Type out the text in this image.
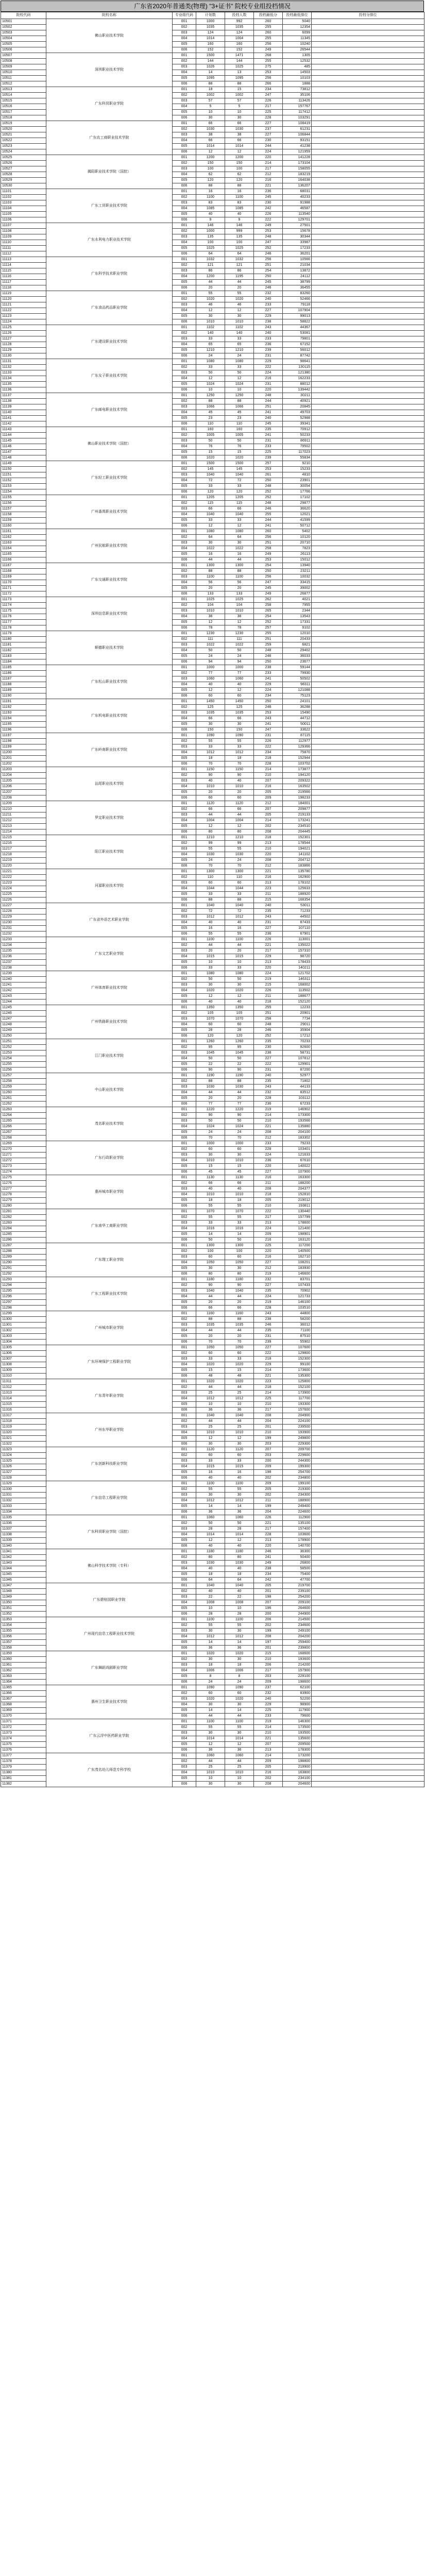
广东省2020年普通类(物理) "3+证书" 院校专业组投档情况
院校代码	院校名称	专业组代码	计划数	投档人数	投档最低分	投档最低排位	投档分排位
10501	佛山职业技术学院	001	1000	992	260	5040	
10502		002	1035	1035	255	12354	
10503		003	124	124	260	6099	
10504		004	1014	1004	255	11345	
10505		005	160	160	256	10240	
10506		006	152	152	249	26544	
10507	深圳职业技术学院	001	1500	1471	268	1305	
10508		002	144	144	255	12532	
10509		003	1026	1025	275	485	
10510		004	14	13	253	14503	
10511		005	1095	1095	256	10103	
10512		006	88	88	266	1888	
10513	广东科贸职业学院	001	18	15	234	73812	
10514		002	1002	1002	247	35106	
10515		003	57	57	226	113426	
10516		004	5	5	217	157767	
10517		005	10	10	225	117412	
10518		006	30	30	228	103291	
10519	广东农工商职业技术学院	001	66	66	227	108419	
10520		002	1030	1030	237	61231	
10521		003	38	38	227	106844	
10522		004	66	66	230	93151	
10523		005	1014	1014	244	41238	
10524		006	12	12	224	121959	
10525	揭阳职业技术学院（国控）	001	1200	1200	220	141228	
10526		002	150	150	214	173104	
10527		003	100	100	217	158055	
10528		004	62	62	212	183219	
10529		005	120	120	216	164038	
10530		006	88	88	221	136207	
11101	广东工贸职业技术学院	001	16	16	236	68031	
11102		002	1100	1100	245	40233	
11103		003	83	83	230	91988	
11104		004	1085	1085	242	46587	
11105		005	40	40	226	113540	
11106		006	9	9	222	129701	
11107	广东水利电力职业技术学院	001	146	146	249	27501	
11108		002	1000	999	253	15678	
11109		003	135	135	248	30344	
11110		004	100	100	247	33987	
11111		005	1025	1025	252	17233	
11112		006	64	64	246	36201	
11113	广东科学技术职业学院	001	1032	1032	256	10566	
11114		002	121	121	251	21034	
11115		003	86	86	254	13872	
11116		004	1200	1195	250	24112	
11117		005	44	44	245	38799	
11118		006	20	20	246	36455	
11119	广东食品药品职业学院	001	55	55	232	83260	
11120		002	1020	1020	240	52466	
11121		003	46	46	233	79118	
11122		004	12	12	227	107904	
11123		005	30	30	229	99013	
11124		006	1010	1010	238	58822	
11125	广东建设职业技术学院	001	1102	1102	243	44367	
11126		002	140	140	240	53081	
11127		003	33	33	233	79801	
11128		004	65	65	236	67152	
11129		005	1210	1210	239	56012	
11130		006	24	24	231	87742	
11131	广东女子职业技术学院	001	1080	1080	229	98641	
11132		002	33	33	222	130115	
11133		003	50	50	224	121380	
11134		004	12	12	216	162233	
11135		005	1024	1024	231	88012	
11136		006	10	10	220	139442	
11137	广东邮电职业技术学院	001	1250	1250	248	30211	
11138		002	88	88	244	40921	
11139		003	1066	1066	251	20845	
11140		004	45	45	241	49703	
11141		005	23	23	240	52988	
11142		006	110	110	245	39341	
11143	佛山职业技术学院（国控）	001	160	160	235	70912	
11144		002	1005	1005	241	50233	
11145		003	50	50	231	86911	
11146		004	76	76	233	79502	
11147		005	15	15	225	117023	
11148		006	1020	1020	239	55834	
11149	广东轻工职业技术学院	001	1500	1500	257	9210	
11150		002	145	145	253	15233	
11151		003	1040	1040	261	4810	
11152		004	72	72	250	23901	
11153		005	33	33	248	30054	
11154		006	120	120	252	17766	
11155	广州番禺职业技术学院	001	1205	1205	252	17102	
11156		002	115	115	248	29877	
11157		003	66	66	246	36620	
11158		004	1040	1040	255	12021	
11159		005	33	33	244	41599	
11160		006	12	12	241	50712	
11161	广州民航职业技术学院	001	1080	1080	260	5402	
11162		002	64	64	256	10120	
11163		003	30	30	251	20710	
11164		004	1022	1022	258	7823	
11165		005	16	16	249	26113	
11166		006	44	44	253	15012	
11167	广东交通职业技术学院	001	1300	1300	254	13940	
11168		002	88	88	250	23211	
11169		003	1100	1100	256	10032	
11170		004	56	56	247	33415	
11171		005	20	20	245	39002	
11172		006	133	133	249	26877	
11173	深圳信息职业技术学院	001	1025	1025	262	4021	
11174		002	104	104	258	7955	
11175		003	1010	1010	265	2344	
11176		004	36	36	254	13543	
11177		005	12	12	252	17331	
11178		006	78	78	257	9102	
11179	顺德职业技术学院	001	1230	1230	255	12010	
11180		002	111	111	251	20433	
11181		003	1022	1022	259	6821	
11182		004	50	50	248	29402	
11183		005	24	24	246	36033	
11184		006	94	94	250	23677	
11185	广东松山职业技术学院	001	1000	1000	238	59144	
11186		002	77	77	233	79930	
11187		003	1060	1060	241	50502	
11188		004	40	40	229	98311	
11189		005	12	12	224	121088	
11190		006	60	60	234	75123	
11191	广东机电职业技术学院	001	1450	1450	250	24101	
11192		002	125	125	246	36288	
11193		003	1035	1035	253	15490	
11194		004	66	66	243	44712	
11195		005	30	30	241	50011	
11196		006	150	150	247	33622	
11197	广东岭南职业技术学院	001	1090	1090	231	87115	
11198		002	55	55	226	112977	
11199		003	33	33	222	129366	
11200		004	1012	1012	234	75870	
11201		005	18	18	218	152944	
11202		006	70	70	228	103702	
11203	汕尾职业技术学院	001	1150	1150	214	173877	
11204		002	90	90	210	194120	
11205		003	40	40	207	209322	
11206		004	1010	1010	216	163502	
11207		005	20	20	205	219566	
11208		006	60	60	209	198233	
11209	罗定职业技术学院	001	1120	1120	212	184001	
11210		002	66	66	207	209877	
11211		003	44	44	205	219133	
11212		004	1004	1004	214	173241	
11213		005	12	12	202	234510	
11214		006	80	80	208	204445	
11215	阳江职业技术学院	001	1210	1210	218	152301	
11216		002	99	99	213	178544	
11217		003	55	55	210	194021	
11218		004	1030	1030	220	141102	
11219		005	24	24	208	204712	
11220		006	70	70	212	183866	
11221	河源职业技术学院	001	1300	1300	221	135780	
11222		002	110	110	216	162900	
11223		003	60	60	213	178102	
11224		004	1044	1044	223	125633	
11225		005	33	33	211	188920	
11226		006	88	88	215	168354	
11227	广东省外语艺术职业学院	001	1040	1040	240	53011	
11228		002	72	72	235	71233	
11229		003	1012	1012	243	44502	
11230		004	40	40	231	87433	
11231		005	16	16	227	107110	
11232		006	55	55	236	67901	
11233	广东文艺职业学院	001	1100	1100	226	113001	
11234		002	44	44	221	135022	
11235		003	20	20	217	157310	
11236		004	1015	1015	229	98720	
11237		005	10	10	213	178433	
11238		006	33	33	220	140211	
11239	广州体育职业技术学院	001	1080	1080	224	121702	
11240		002	50	50	219	146311	
11241		003	30	30	215	168002	
11242		004	1020	1020	226	113502	
11243		005	12	12	211	188677	
11244		006	40	40	218	152120	
11245	广州铁路职业技术学院	001	1350	1350	255	12233	
11246		002	105	105	251	20901	
11247		003	1070	1070	258	7734	
11248		004	60	60	248	29011	
11249		005	28	28	246	35904	
11250		006	120	120	252	17212	
11251	江门职业技术学院	001	1260	1260	235	70233	
11252		002	95	95	230	92600	
11253		003	1045	1045	238	58731	
11254		004	50	50	227	107812	
11255		005	22	22	222	129901	
11256		006	90	90	231	87200	
11257	中山职业技术学院	001	1190	1190	240	52977	
11258		002	88	88	235	71802	
11259		003	1030	1030	243	44133	
11260		004	44	44	232	83512	
11261		005	20	20	228	103112	
11262		006	77	77	236	67233	
11263	茂名职业技术学院	001	1220	1220	219	146902	
11264		002	90	90	214	173300	
11265		003	50	50	210	193566	
11266		004	1024	1024	221	135880	
11267		005	24	24	208	204100	
11268		006	70	70	212	183302	
11269	广东行政职业学院	001	1000	1000	233	79233	
11270		002	60	60	228	103401	
11271		003	30	30	224	121633	
11272		004	1010	1010	236	67610	
11273		005	15	15	220	140022	
11274		006	45	45	227	107900	
11275	惠州城市职业学院	001	1130	1130	216	163300	
11276		002	66	66	211	188200	
11277		003	40	40	208	204377	
11278		004	1010	1010	218	152810	
11279		005	18	18	205	219012	
11280		006	55	55	210	193811	
11281	广东南华工商职业学院	001	1070	1070	222	130440	
11282		002	55	55	217	157799	
11283		003	33	33	213	178600	
11284		004	1016	1016	224	121400	
11285		005	14	14	209	198901	
11286		006	50	50	216	163120	
11287	广东理工职业学院	001	1300	1300	225	117200	
11288		002	100	100	220	140500	
11289		003	60	60	216	162710	
11290		004	1050	1050	227	108201	
11291		005	30	30	212	183930	
11292		006	80	80	219	146600	
11293	广东工程职业技术学院	001	1180	1180	232	83701	
11294		002	90	90	227	107433	
11295		003	1040	1040	235	70902	
11296		004	44	44	224	121733	
11297		005	20	20	219	146100	
11298		006	66	66	228	103510	
11299	广州城市职业学院	001	1160	1160	243	44800	
11300		002	88	88	238	58200	
11301		003	1035	1035	246	36012	
11302		004	44	44	235	71100	
11303		005	20	20	231	87510	
11304		006	70	70	239	55902	
11305	广东环境保护工程职业学院	001	1050	1050	227	107600	
11306		002	60	60	222	129800	
11307		003	33	33	218	152300	
11308		004	1020	1020	229	99100	
11309		005	15	15	214	173600	
11310		006	48	48	221	135300	
11311	广东青年职业学院	001	1020	1020	223	125800	
11312		002	44	44	218	152100	
11313		003	25	25	214	173900	
11314		004	1012	1012	225	117700	
11315		005	10	10	210	193300	
11316		006	36	36	217	157600	
11317	广州东华职业学院	001	1040	1040	208	204900	
11318		002	44	44	204	224100	
11319		003	25	25	201	239500	
11320		004	1010	1010	210	193900	
11321		005	12	12	199	249800	
11322		006	30	30	203	229300	
11323	广东创新科技职业学院	001	1120	1120	207	209700	
11324		002	60	60	203	229600	
11325		003	33	33	200	244300	
11326		004	1015	1015	209	199300	
11327		005	16	16	198	254700	
11328		006	40	40	202	234800	
11329	广东信息工程职业学院	001	1100	1100	209	199100	
11330		002	55	55	205	219300	
11331		003	30	30	202	234300	
11332		004	1012	1012	211	188900	
11333		005	14	14	199	249400	
11334		006	36	36	204	224600	
11335	广东科贸职业学院（国控）	001	1060	1060	226	112900	
11336		002	50	50	221	135100	
11337		003	28	28	217	157400	
11338		004	1014	1014	228	103600	
11339		005	12	12	213	178900	
11340		006	40	40	220	140700	
11341	佛山科学技术学院（专科）	001	1180	1180	246	36300	
11342		002	80	80	241	50400	
11343		003	1030	1030	249	26800	
11344		004	40	40	238	58500	
11345		005	18	18	234	75400	
11346		006	64	64	242	47700	
11347	广东碧桂园职业学院	001	1040	1040	205	219700	
11348		002	40	40	201	239100	
11349		003	22	22	198	254200	
11350		004	1008	1008	207	209100	
11351		005	10	10	196	264600	
11352		006	28	28	200	244900	
11353	广州现代信息工程职业技术学院	001	1100	1100	206	214500	
11354		002	55	55	202	234600	
11355		003	30	30	199	249100	
11356		004	1012	1012	208	204200	
11357		005	14	14	197	259400	
11358		006	36	36	201	239800	
11359	广东舞蹈戏剧职业学院	001	1020	1020	215	168600	
11360		002	30	30	210	193600	
11361		003	18	18	206	214200	
11362		004	1006	1006	217	157900	
11363		005	8	8	203	229100	
11364		006	24	24	209	198600	
11365	惠州卫生职业技术学院	001	1090	1090	237	62100	
11366		002	60	60	232	83900	
11367		003	1020	1020	240	52200	
11368		004	30	30	229	98900	
11369		005	14	14	225	117900	
11370		006	44	44	233	79600	
11371	广东云浮中医药职业学院	001	1100	1100	219	146300	
11372		002	55	55	214	173500	
11373		003	30	30	210	193500	
11374		004	1014	1014	221	135600	
11375		005	12	12	207	209500	
11376		006	36	36	213	178300	
11377	广东茂名幼儿师范专科学校	001	1060	1060	214	173200	
11378		002	44	44	209	198800	
11379		003	25	25	205	219900	
11380		004	1010	1010	216	163800	
11381		005	10	10	202	234100	
11382		006	30	30	208	204600	
